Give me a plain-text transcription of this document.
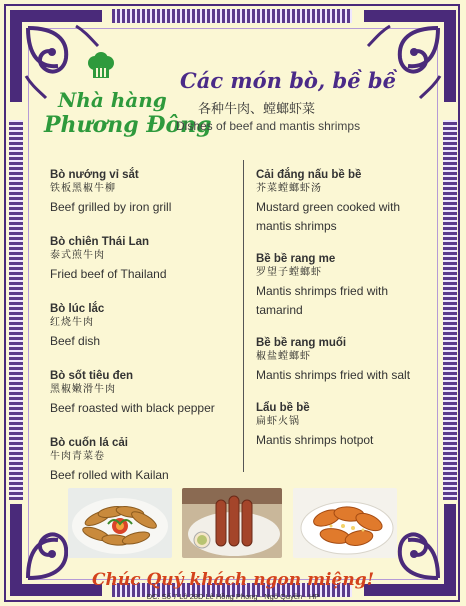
Nhà hàng
Phương Đông
Các món bò, bề bề
各种牛肉、螳螂虾菜
Dishes of beef and mantis shrimps
Bò nướng vỉ sắt
铁板黑椒牛柳
Beef grilled by iron grill
Bò chiên Thái Lan
泰式煎牛肉
Fried beef of Thailand
Bò lúc lắc
红烧牛肉
Beef dish
Bò sốt tiêu đen
黑椒嫩滑牛肉
Beef roasted with black pepper
Bò cuốn lá cải
牛肉青菜卷
Beef rolled with Kailan
Cải đắng nấu bề bề
芥菜螳螂虾汤
Mustard green cooked with
mantis shrimps
Bề bề rang me
罗望子螳螂虾
Mantis shrimps fried with
tamarind
Bề bề rang muối
椒盐螳螂虾
Mantis shrimps fried with salt
Lẩu bề bề
扁虾火锅
Mantis shrimps hotpot
Chúc Quý khách ngon miệng!
ĐC: Số 7 Lô 28D Lê Hồng Phong - Ngô Quyền - HP
